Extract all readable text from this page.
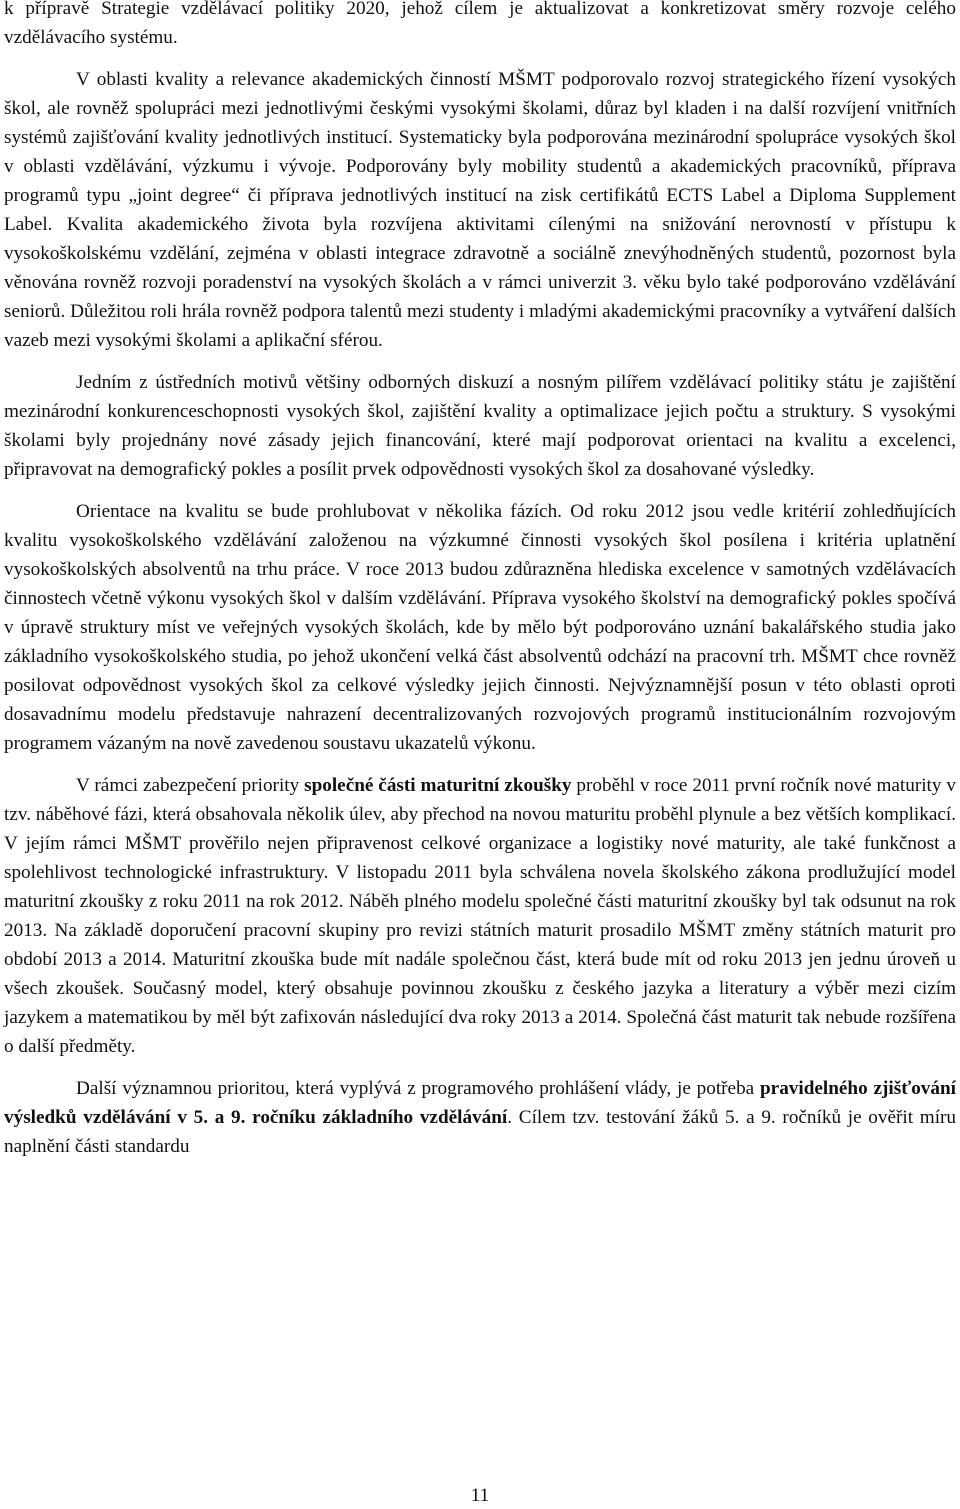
k přípravě Strategie vzdělávací politiky 2020, jehož cílem je aktualizovat a konkretizovat směry rozvoje celého vzdělávacího systému.

V oblasti kvality a relevance akademických činností MŠMT podporovalo rozvoj strategického řízení vysokých škol, ale rovněž spolupráci mezi jednotlivými českými vysokými školami, důraz byl kladen i na další rozvíjení vnitřních systémů zajišťování kvality jednotlivých institucí. Systematicky byla podporována mezinárodní spolupráce vysokých škol v oblasti vzdělávání, výzkumu i vývoje. Podporovány byly mobility studentů a akademických pracovníků, příprava programů typu „joint degree“ či příprava jednotlivých institucí na zisk certifikátů ECTS Label a Diploma Supplement Label. Kvalita akademického života byla rozvíjena aktivitami cílenými na snižování nerovností v přístupu k vysokoškolskému vzdělání, zejména v oblasti integrace zdravotně a sociálně znevýhodněných studentů, pozornost byla věnována rovněž rozvoji poradenství na vysokých školách a v rámci univerzit 3. věku bylo také podporováno vzdělávání seniorů. Důležitou roli hrála rovněž podpora talentů mezi studenty i mladými akademickými pracovníky a vytváření dalších vazeb mezi vysokými školami a aplikační sférou.

Jedním z ústředních motivů většiny odborných diskuzí a nosným pilířem vzdělávací politiky státu je zajištění mezinárodní konkurenceschopnosti vysokých škol, zajištění kvality a optimalizace jejich počtu a struktury. S vysokými školami byly projednány nové zásady jejich financování, které mají podporovat orientaci na kvalitu a excelenci, připravovat na demografický pokles a posílit prvek odpovědnosti vysokých škol za dosahované výsledky.

Orientace na kvalitu se bude prohlubovat v několika fázích. Od roku 2012 jsou vedle kritérií zohledňujících kvalitu vysokoškolského vzdělávání založenou na výzkumné činnosti vysokých škol posílena i kritéria uplatnění vysokoškolských absolventů na trhu práce. V roce 2013 budou zdůrazněna hlediska excelence v samotných vzdělávacích činnostech včetně výkonu vysokých škol v dalším vzdělávání. Příprava vysokého školství na demografický pokles spočívá v úpravě struktury míst ve veřejných vysokých školách, kde by mělo být podporováno uznání bakalářského studia jako základního vysokoškolského studia, po jehož ukončení velká část absolventů odchází na pracovní trh. MŠMT chce rovněž posilovat odpovědnost vysokých škol za celkové výsledky jejich činnosti. Nejvýznamnější posun v této oblasti oproti dosavadnímu modelu představuje nahrazení decentralizovaných rozvojových programů institucionálním rozvojovým programem vázaným na nově zavedenou soustavu ukazatelů výkonu.

V rámci zabezpečení priority společné části maturitní zkoušky proběhl v roce 2011 první ročník nové maturity v tzv. náběhové fázi, která obsahovala několik úlev, aby přechod na novou maturitu proběhl plynule a bez větších komplikací. V jejím rámci MŠMT prověřilo nejen připravenost celkové organizace a logistiky nové maturity, ale také funkčnost a spolehlivost technologické infrastruktury. V listopadu 2011 byla schválena novela školského zákona prodlužující model maturitní zkoušky z roku 2011 na rok 2012. Náběh plného modelu společné části maturitní zkoušky byl tak odsunut na rok 2013. Na základě doporučení pracovní skupiny pro revizi státních maturit prosadilo MŠMT změny státních maturit pro období 2013 a 2014. Maturitní zkouška bude mít nadále společnou část, která bude mít od roku 2013 jen jednu úroveň u všech zkoušek. Současný model, který obsahuje povinnou zkoušku z českého jazyka a literatury a výběr mezi cizím jazykem a matematikou by měl být zafixován následující dva roky 2013 a 2014. Společná část maturit tak nebude rozšířena o další předměty.

Další významnou prioritou, která vyplývá z programového prohlášení vlády, je potřeba pravidelného zjišťování výsledků vzdělávání v 5. a 9. ročníku základního vzdělávání. Cílem tzv. testování žáků 5. a 9. ročníků je ověřit míru naplnění části standardu

11
